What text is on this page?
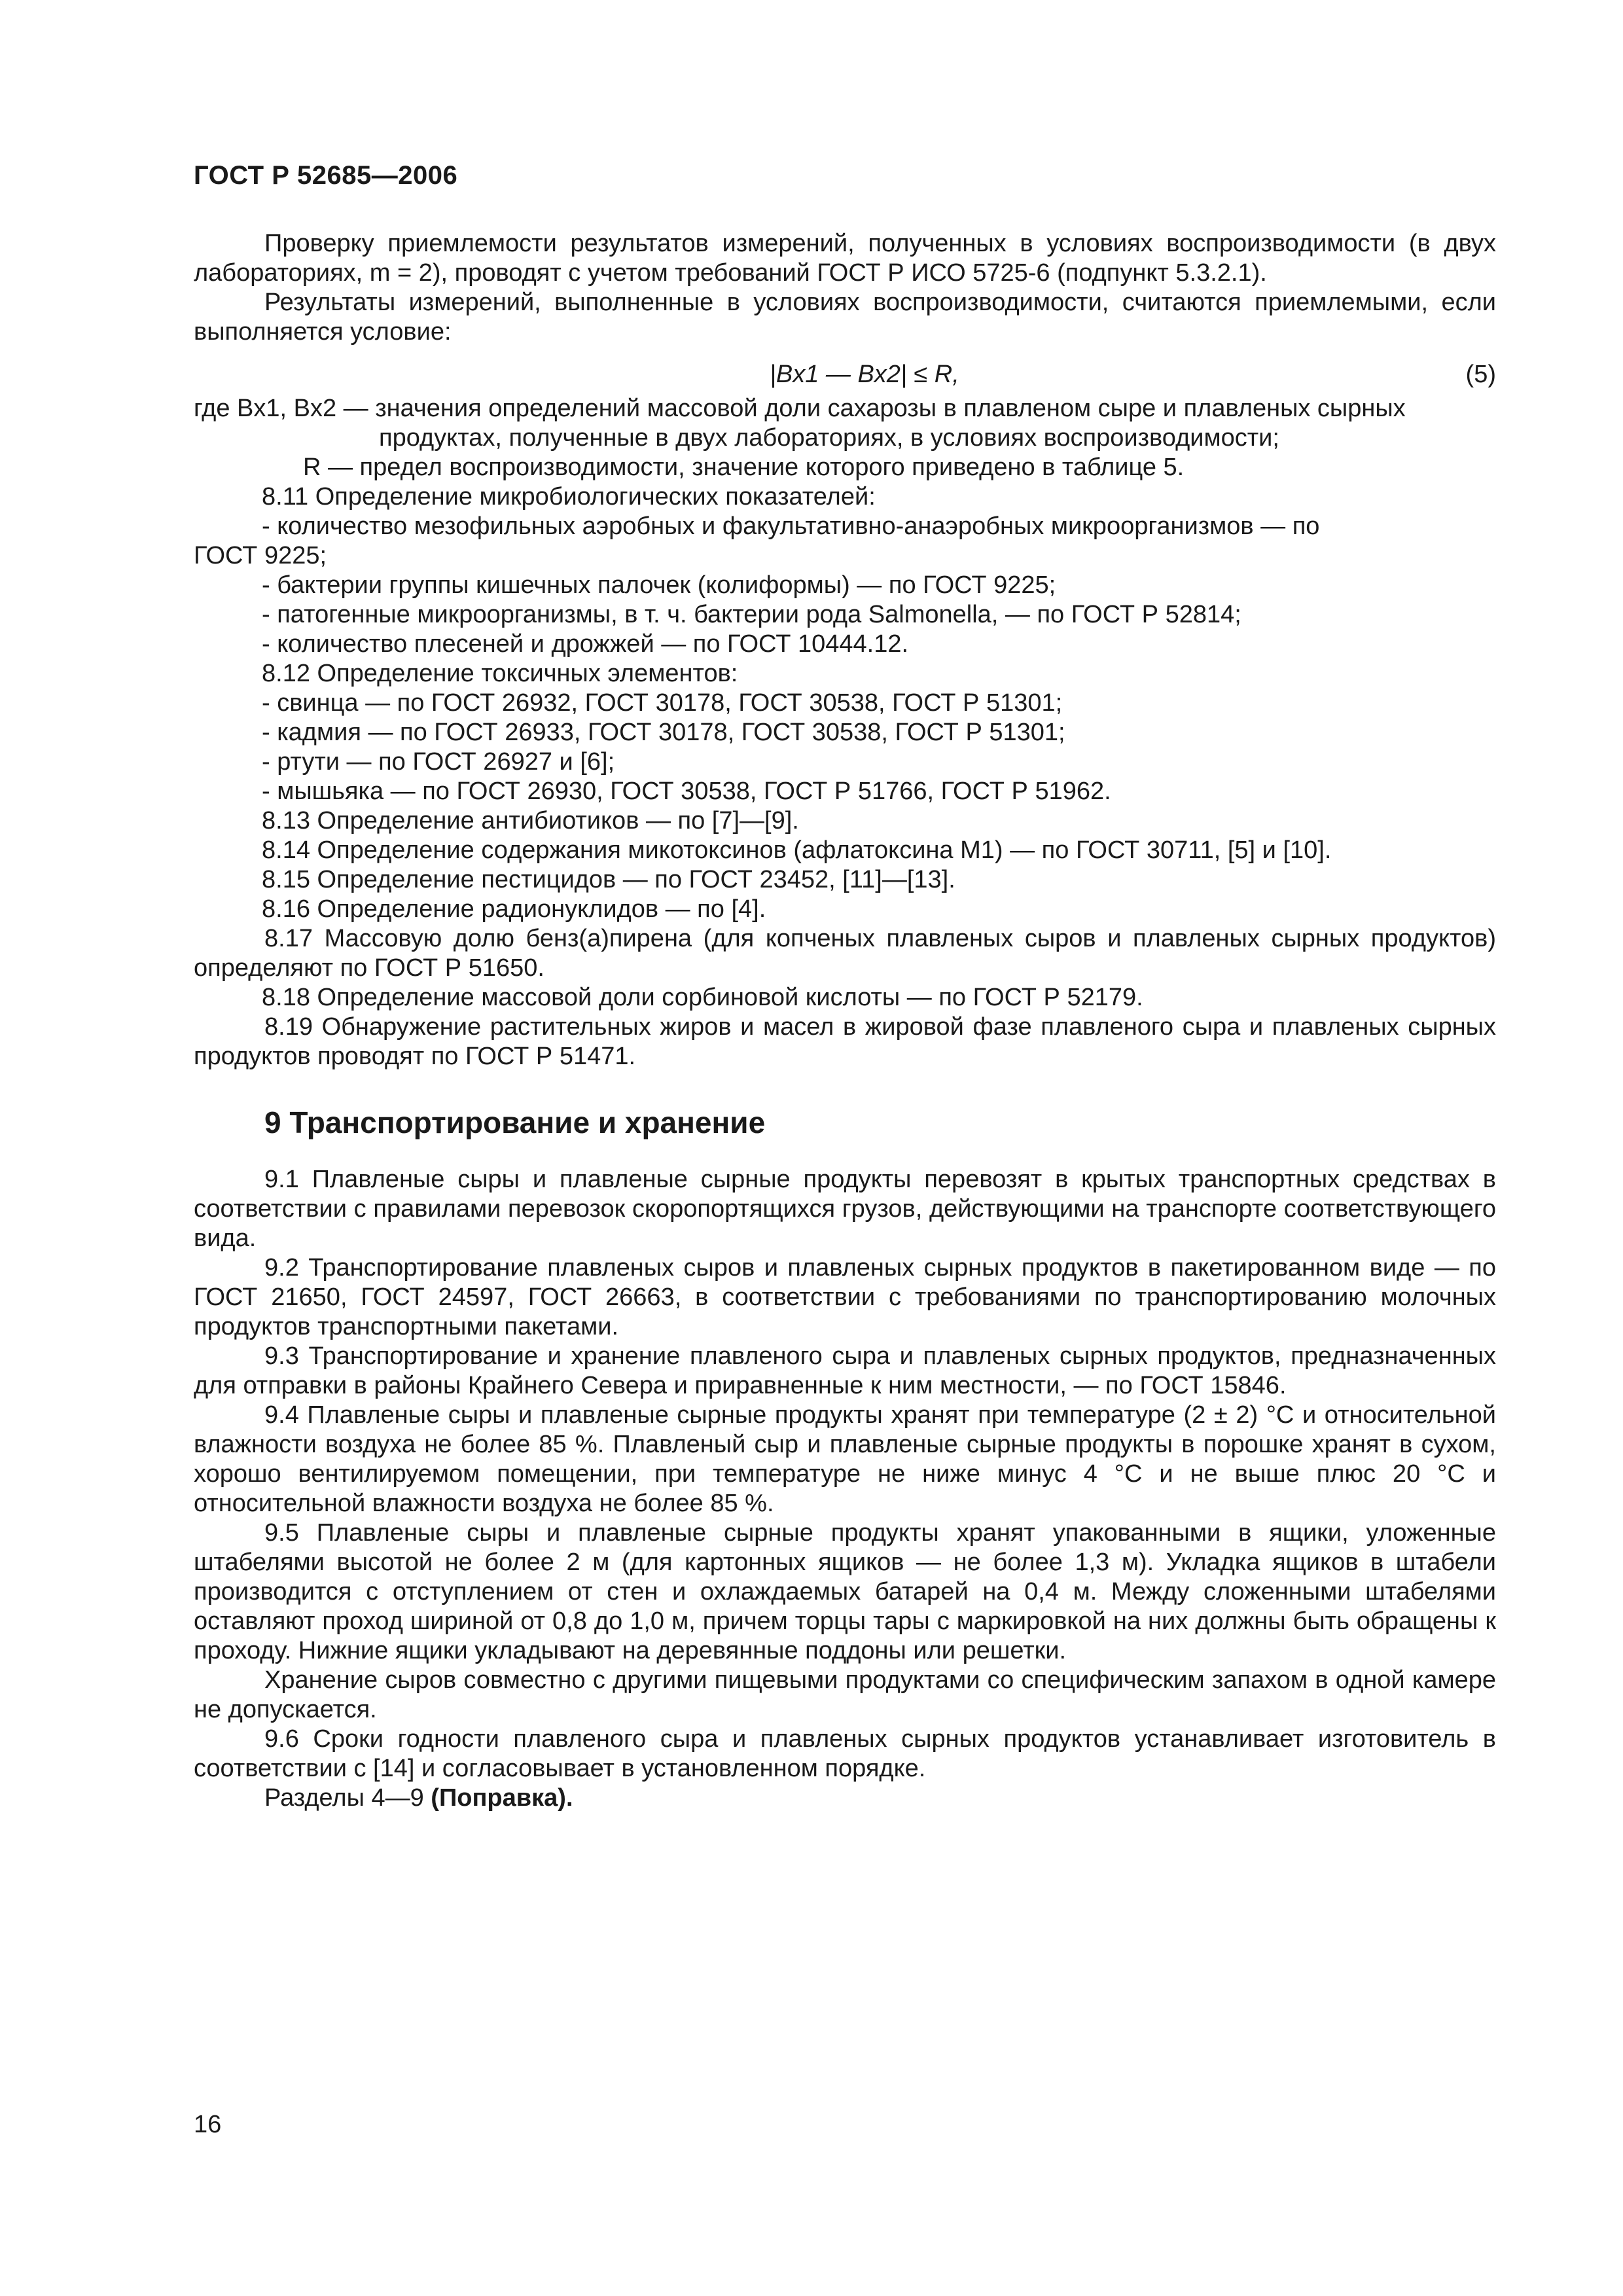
ГОСТ Р 52685—2006

Проверку приемлемости результатов измерений, полученных в условиях воспроизводимости (в двух лабораториях, m = 2), проводят с учетом требований ГОСТ Р ИСО 5725-6 (подпункт 5.3.2.1).

Результаты измерений, выполненные в условиях воспроизводимости, считаются приемлемыми, если выполняется условие:

|Bx1 — Bx2| ≤ R,	(5)

где Bx1, Bx2 — значения определений массовой доли сахарозы в плавленом сыре и плавленых сырных

продуктах, полученные в двух лабораториях, в условиях воспроизводимости;

R — предел воспроизводимости, значение которого приведено в таблице 5.

8.11 Определение микробиологических показателей:

- количество мезофильных аэробных и факультативно-анаэробных микроорганизмов — по

ГОСТ 9225;

- бактерии группы кишечных палочек (колиформы) — по ГОСТ 9225;

- патогенные микроорганизмы, в т. ч. бактерии рода Salmonella, — по ГОСТ Р 52814;

- количество плесеней и дрожжей — по ГОСТ 10444.12.

8.12 Определение токсичных элементов:

- свинца — по ГОСТ 26932, ГОСТ 30178, ГОСТ 30538, ГОСТ Р 51301;

- кадмия — по ГОСТ 26933, ГОСТ 30178, ГОСТ 30538, ГОСТ Р 51301;

- ртути — по ГОСТ 26927 и [6];

- мышьяка — по ГОСТ 26930, ГОСТ 30538, ГОСТ Р 51766, ГОСТ Р 51962.

8.13 Определение антибиотиков — по [7]—[9].

8.14 Определение содержания микотоксинов (афлатоксина M1) — по ГОСТ 30711, [5] и [10].

8.15 Определение пестицидов — по ГОСТ 23452, [11]—[13].

8.16 Определение радионуклидов — по [4].

8.17 Массовую долю бенз(а)пирена (для копченых плавленых сыров и плавленых сырных продуктов) определяют по ГОСТ Р 51650.

8.18 Определение массовой доли сорбиновой кислоты — по ГОСТ Р 52179.

8.19 Обнаружение растительных жиров и масел в жировой фазе плавленого сыра и плавленых сырных продуктов проводят по ГОСТ Р 51471.

9 Транспортирование и хранение

9.1 Плавленые сыры и плавленые сырные продукты перевозят в крытых транспортных средствах в соответствии с правилами перевозок скоропортящихся грузов, действующими на транспорте соответствующего вида.

9.2 Транспортирование плавленых сыров и плавленых сырных продуктов в пакетированном виде — по ГОСТ 21650, ГОСТ 24597, ГОСТ 26663, в соответствии с требованиями по транспортированию молочных продуктов транспортными пакетами.

9.3 Транспортирование и хранение плавленого сыра и плавленых сырных продуктов, предназначенных для отправки в районы Крайнего Севера и приравненные к ним местности, — по ГОСТ 15846.

9.4 Плавленые сыры и плавленые сырные продукты хранят при температуре (2 ± 2) °С и относительной влажности воздуха не более 85 %. Плавленый сыр и плавленые сырные продукты в порошке хранят в сухом, хорошо вентилируемом помещении, при температуре не ниже минус 4 °С и не выше плюс 20 °С и относительной влажности воздуха не более 85 %.

9.5 Плавленые сыры и плавленые сырные продукты хранят упакованными в ящики, уложенные штабелями высотой не более 2 м (для картонных ящиков — не более 1,3 м). Укладка ящиков в штабели производится с отступлением от стен и охлаждаемых батарей на 0,4 м. Между сложенными штабелями оставляют проход шириной от 0,8 до 1,0 м, причем торцы тары с маркировкой на них должны быть обращены к проходу. Нижние ящики укладывают на деревянные поддоны или решетки.

Хранение сыров совместно с другими пищевыми продуктами со специфическим запахом в одной камере не допускается.

9.6 Сроки годности плавленого сыра и плавленых сырных продуктов устанавливает изготовитель в соответствии с [14] и согласовывает в установленном порядке.

Разделы 4—9 (Поправка).

16
